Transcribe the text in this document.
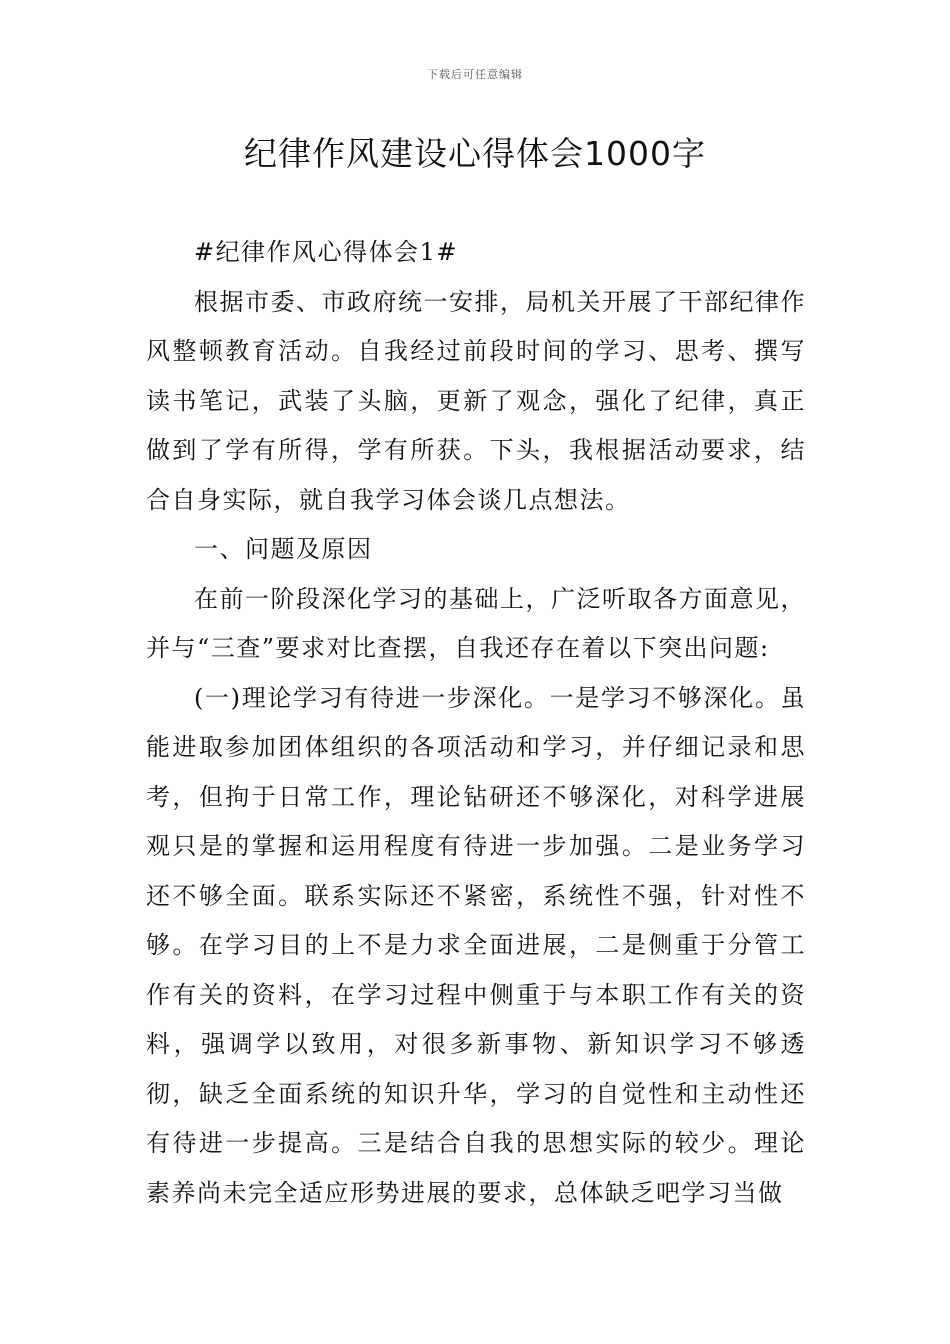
下载后可任意编辑
纪律作风建设心得体会1000字

#纪律作风心得体会1#

根据市委、市政府统一安排，局机关开展了干部纪律作风整顿教育活动。自我经过前段时间的学习、思考、撰写读书笔记，武装了头脑，更新了观念，强化了纪律，真正做到了学有所得，学有所获。下头，我根据活动要求，结合自身实际，就自我学习体会谈几点想法。

一、问题及原因

在前一阶段深化学习的基础上，广泛听取各方面意见，并与“三查”要求对比查摆，自我还存在着以下突出问题:

(一)理论学习有待进一步深化。一是学习不够深化。虽能进取参加团体组织的各项活动和学习，并仔细记录和思考，但拘于日常工作，理论钻研还不够深化，对科学进展观只是的掌握和运用程度有待进一步加强。二是业务学习还不够全面。联系实际还不紧密，系统性不强，针对性不够。在学习目的上不是力求全面进展，二是侧重于分管工作有关的资料，在学习过程中侧重于与本职工作有关的资料，强调学以致用，对很多新事物、新知识学习不够透彻，缺乏全面系统的知识升华，学习的自觉性和主动性还有待进一步提高。三是结合自我的思想实际的较少。理论素养尚未完全适应形势进展的要求，总体缺乏吧学习当做
